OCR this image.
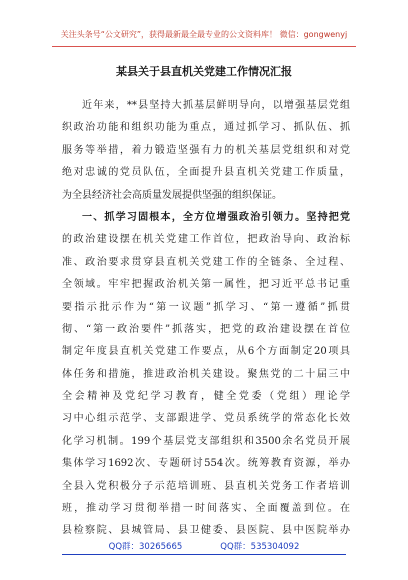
关注头条号“公文研究”，获得最新最全最专业的公文资料库！ 微信：gongwenyj
某县关于县直机关党建工作情况汇报
近年来，**县坚持大抓基层鲜明导向，以增强基层党组
织政治功能和组织功能为重点，通过抓学习、抓队伍、抓
服务等举措，着力锻造坚强有力的机关基层党组织和对党
绝对忠诚的党员队伍，全面提升县直机关党建工作质量，
为全县经济社会高质量发展提供坚强的组织保证。
一、抓学习固根本，全方位增强政治引领力。坚持把党
的政治建设摆在机关党建工作首位，把政治导向、政治标
准、政治要求贯穿县直机关党建工作的全链条、全过程、
全领域。牢牢把握政治机关第一属性，把习近平总书记重
要指示批示作为“第一议题”抓学习、“第一遵循”抓贯
彻、“第一政治要件”抓落实，把党的政治建设摆在首位
制定年度县直机关党建工作要点，从6个方面制定20项具
体任务和措施，推进政治机关建设。聚焦党的二十届三中
全会精神及党纪学习教育，健全党委（党组）理论学
习中心组示范学、支部跟进学、党员系统学的常态化长效
化学习机制。199个基层党支部组织和3500余名党员开展
集体学习1692次、专题研讨554次。统筹教育资源，举办
全县入党积极分子示范培训班、县直机关党务工作者培训
班，推动学习贯彻举措一时间落实、全面覆盖到位。在
县检察院、县城管局、县卫健委、县医院、县中医院举办
QQ群：30265665	QQ群：535304092
